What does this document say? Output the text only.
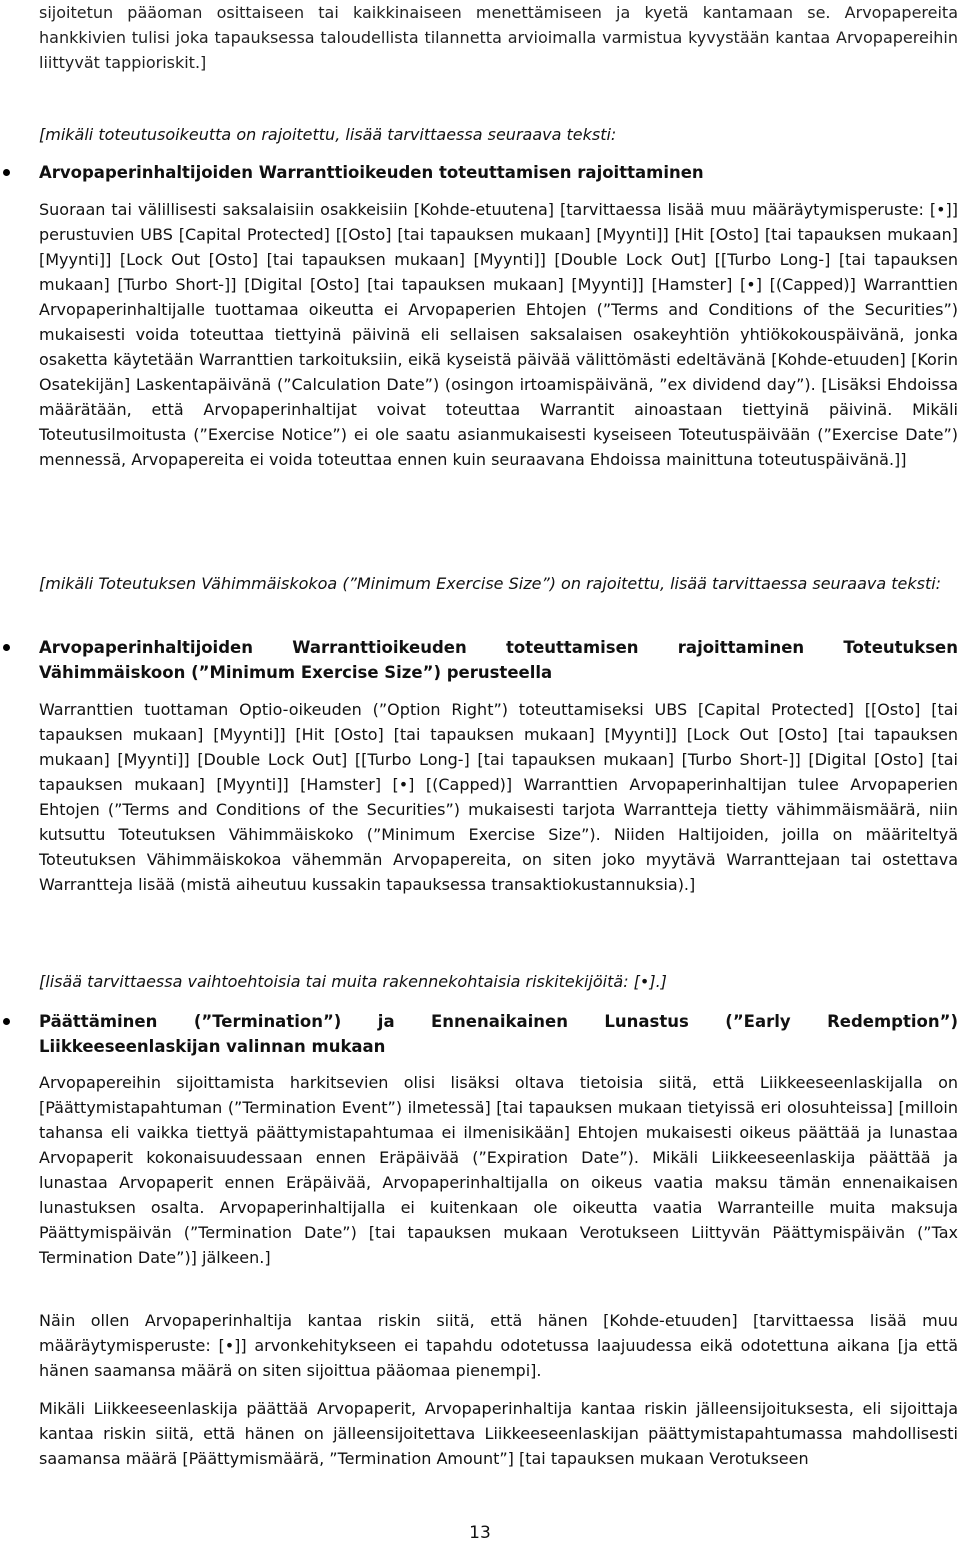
sijoitetun pääoman osittaiseen tai kaikkinaiseen menettämiseen ja kyetä kantamaan se. Arvopapereita hankkivien tulisi joka tapauksessa taloudellista tilannetta arvioimalla varmistua kyvystään kantaa Arvopapereihin liittyvät tappioriskit.]

[mikäli toteutusoikeutta on rajoitettu, lisää tarvittaessa seuraava teksti:

Arvopaperinhaltijoiden Warranttioikeuden toteuttamisen rajoittaminen

Suoraan tai välillisesti saksalaisiin osakkeisiin [Kohde-etuutena] [tarvittaessa lisää muu määräytymisperuste: [•]] perustuvien UBS [Capital Protected] [[Osto] [tai tapauksen mukaan] [Myynti]] [Hit [Osto] [tai tapauksen mukaan] [Myynti]] [Lock Out [Osto] [tai tapauksen mukaan] [Myynti]] [Double Lock Out] [[Turbo Long-] [tai tapauksen mukaan] [Turbo Short-]] [Digital [Osto] [tai tapauksen mukaan] [Myynti]] [Hamster] [•] [(Capped)] Warranttien Arvopaperinhaltijalle tuottamaa oikeutta ei Arvopaperien Ehtojen (”Terms and Conditions of the Securities”) mukaisesti voida toteuttaa tiettyinä päivinä eli sellaisen saksalaisen osakeyhtiön yhtiökokouspäivänä, jonka osaketta käytetään Warranttien tarkoituksiin, eikä kyseistä päivää välittömästi edeltävänä [Kohde-etuuden] [Korin Osatekijän] Laskentapäivänä (”Calculation Date”) (osingon irtoamispäivänä, ”ex dividend day”). [Lisäksi Ehdoissa määrätään, että Arvopaperinhaltijat voivat toteuttaa Warrantit ainoastaan tiettyinä päivinä. Mikäli Toteutusilmoitusta (”Exercise Notice”) ei ole saatu asianmukaisesti kyseiseen Toteutuspäivään (”Exercise Date”) mennessä, Arvopapereita ei voida toteuttaa ennen kuin seuraavana Ehdoissa mainittuna toteutuspäivänä.]]

[mikäli Toteutuksen Vähimmäiskokoa (”Minimum Exercise Size”) on rajoitettu, lisää tarvittaessa seuraava teksti:

Arvopaperinhaltijoiden Warranttioikeuden toteuttamisen rajoittaminen Toteutuksen Vähimmäiskoon (”Minimum Exercise Size”) perusteella

Warranttien tuottaman Optio-oikeuden (”Option Right”) toteuttamiseksi UBS [Capital Protected] [[Osto] [tai tapauksen mukaan] [Myynti]] [Hit [Osto] [tai tapauksen mukaan] [Myynti]] [Lock Out [Osto] [tai tapauksen mukaan] [Myynti]] [Double Lock Out] [[Turbo Long-] [tai tapauksen mukaan] [Turbo Short-]] [Digital [Osto] [tai tapauksen mukaan] [Myynti]] [Hamster] [•] [(Capped)] Warranttien Arvopaperinhaltijan tulee Arvopaperien Ehtojen (”Terms and Conditions of the Securities”) mukaisesti tarjota Warrantteja tietty vähimmäismäärä, niin kutsuttu Toteutuksen Vähimmäiskoko (”Minimum Exercise Size”). Niiden Haltijoiden, joilla on määriteltyä Toteutuksen Vähimmäiskokoa vähemmän Arvopapereita, on siten joko myytävä Warranttejaan tai ostettava Warrantteja lisää (mistä aiheutuu kussakin tapauksessa transaktiokustannuksia).]

[lisää tarvittaessa vaihtoehtoisia tai muita rakennekohtaisia riskitekijöitä: [•].]

Päättäminen (”Termination”) ja Ennenaikainen Lunastus (”Early Redemption”) Liikkeeseenlaskijan valinnan mukaan

Arvopapereihin sijoittamista harkitsevien olisi lisäksi oltava tietoisia siitä, että Liikkeeseenlaskijalla on [Päättymistapahtuman (”Termination Event”) ilmetessä] [tai tapauksen mukaan tietyissä eri olosuhteissa] [milloin tahansa eli vaikka tiettyä päättymistapahtumaa ei ilmenisikään] Ehtojen mukaisesti oikeus päättää ja lunastaa Arvopaperit kokonaisuudessaan ennen Eräpäivää (”Expiration Date”). Mikäli Liikkeeseenlaskija päättää ja lunastaa Arvopaperit ennen Eräpäivää, Arvopaperinhaltijalla on oikeus vaatia maksu tämän ennenaikaisen lunastuksen osalta. Arvopaperinhaltijalla ei kuitenkaan ole oikeutta vaatia Warranteille muita maksuja Päättymispäivän (”Termination Date”) [tai tapauksen mukaan Verotukseen Liittyvän Päättymispäivän (”Tax Termination Date”)] jälkeen.]

Näin ollen Arvopaperinhaltija kantaa riskin siitä, että hänen [Kohde-etuuden] [tarvittaessa lisää muu määräytymisperuste: [•]] arvonkehitykseen ei tapahdu odotetussa laajuudessa eikä odotettuna aikana [ja että hänen saamansa määrä on siten sijoittua pääomaa pienempi].

Mikäli Liikkeeseenlaskija päättää Arvopaperit, Arvopaperinhaltija kantaa riskin jälleensijoituksesta, eli sijoittaja kantaa riskin siitä, että hänen on jälleensijoitettava Liikkeeseenlaskijan päättymistapahtumassa mahdollisesti saamansa määrä [Päättymismäärä, ”Termination Amount”] [tai tapauksen mukaan Verotukseen

13
